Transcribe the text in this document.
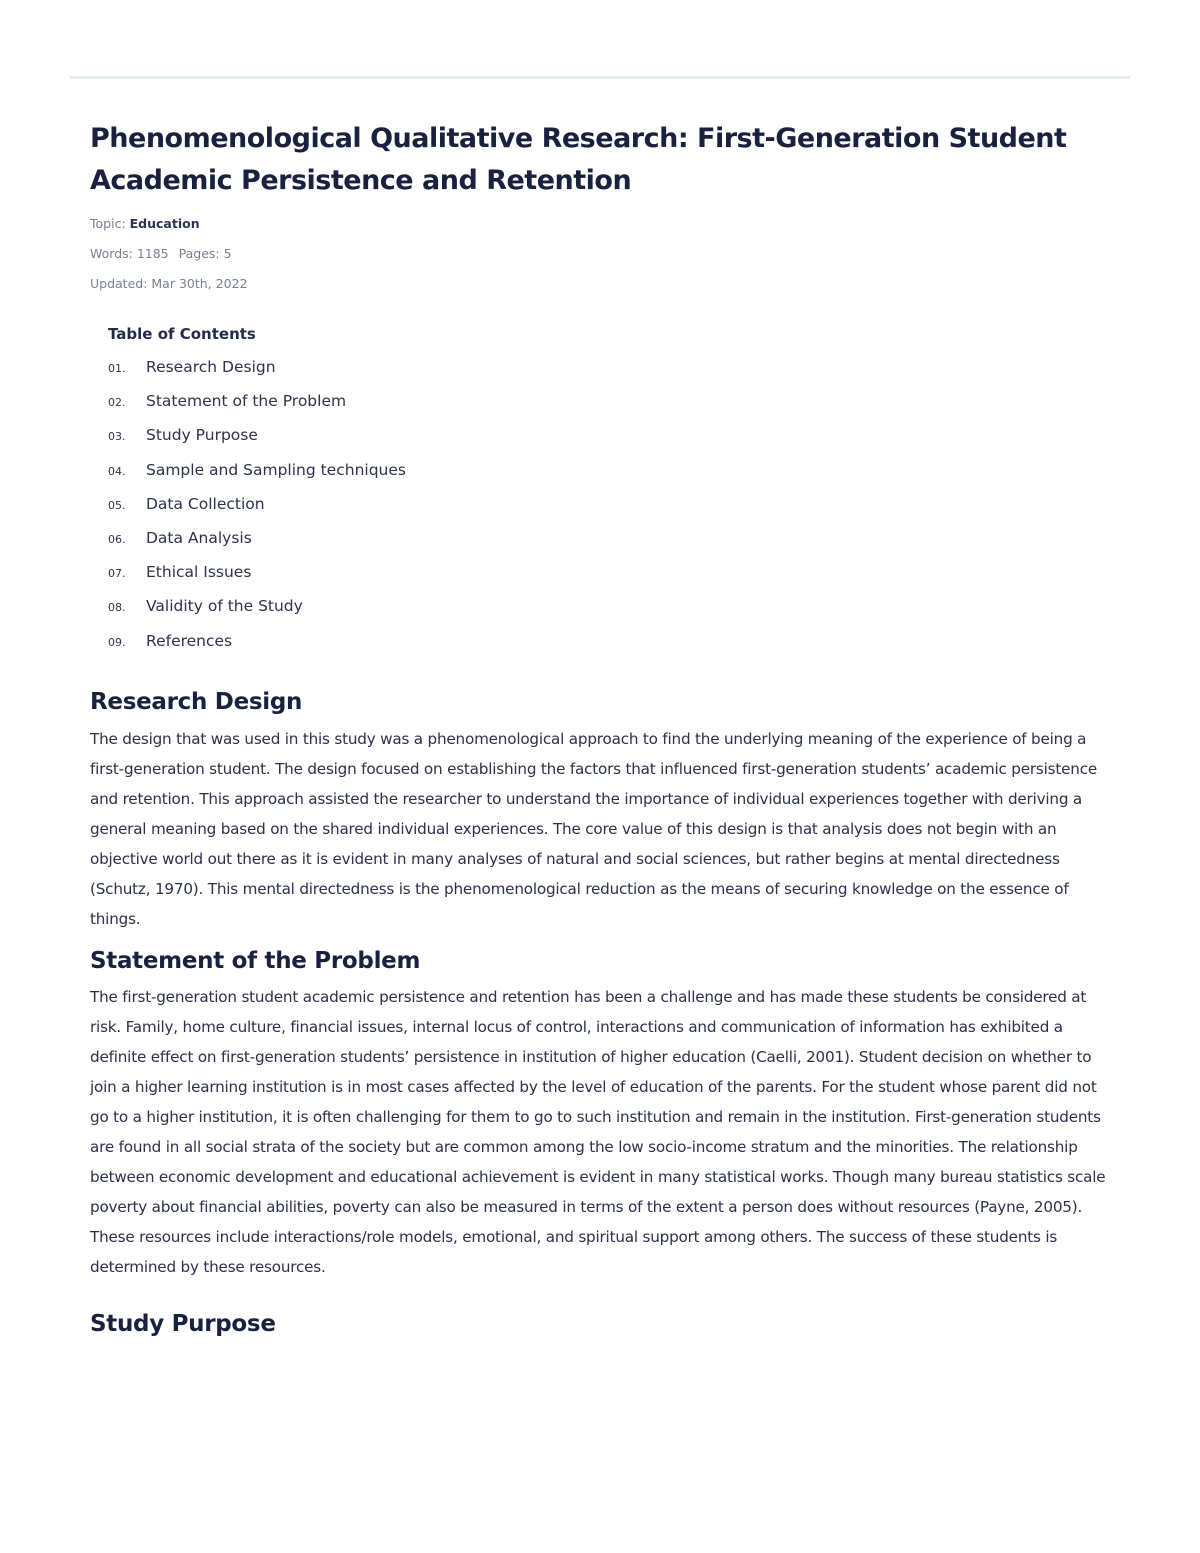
Phenomenological Qualitative Research: First-Generation Student Academic Persistence and Retention
Topic: Education
Words: 1185 Pages: 5
Updated: Mar 30th, 2022
Table of Contents
01.	Research Design
02.	Statement of the Problem
03.	Study Purpose
04.	Sample and Sampling techniques
05.	Data Collection
06.	Data Analysis
07.	Ethical Issues
08.	Validity of the Study
09.	References
Research Design

The design that was used in this study was a phenomenological approach to find the underlying meaning of the experience of being a first-generation student. The design focused on establishing the factors that influenced first-generation students’ academic persistence and retention. This approach assisted the researcher to understand the importance of individual experiences together with deriving a general meaning based on the shared individual experiences. The core value of this design is that analysis does not begin with an objective world out there as it is evident in many analyses of natural and social sciences, but rather begins at mental directedness (Schutz, 1970). This mental directedness is the phenomenological reduction as the means of securing knowledge on the essence of things.

Statement of the Problem

The first-generation student academic persistence and retention has been a challenge and has made these students be considered at risk. Family, home culture, financial issues, internal locus of control, interactions and communication of information has exhibited a definite effect on first-generation students’ persistence in institution of higher education (Caelli, 2001). Student decision on whether to join a higher learning institution is in most cases affected by the level of education of the parents. For the student whose parent did not go to a higher institution, it is often challenging for them to go to such institution and remain in the institution. First-generation students are found in all social strata of the society but are common among the low socio-income stratum and the minorities. The relationship between economic development and educational achievement is evident in many statistical works. Though many bureau statistics scale poverty about financial abilities, poverty can also be measured in terms of the extent a person does without resources (Payne, 2005). These resources include interactions/role models, emotional, and spiritual support among others. The success of these students is determined by these resources.

Study Purpose
